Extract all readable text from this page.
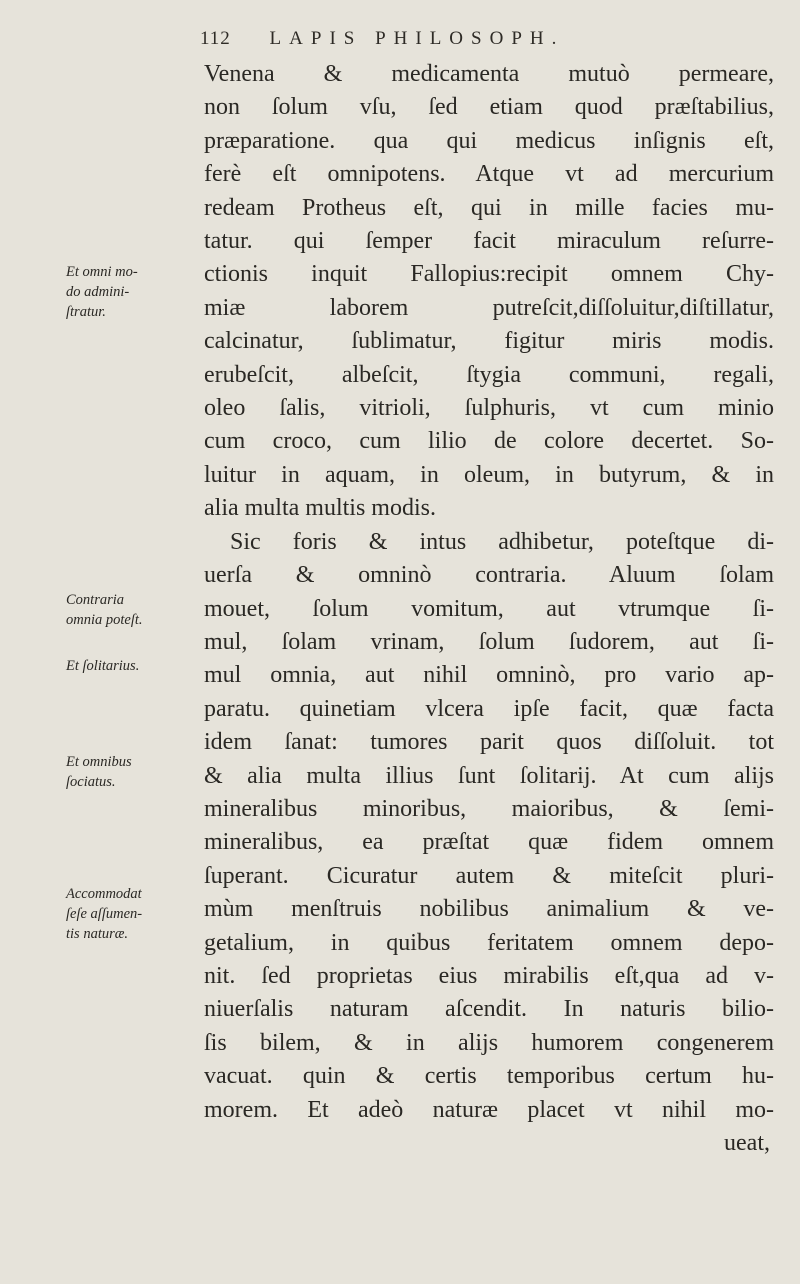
112 LAPIS PHILOSOPH.
Et omni mo-
do admini-
ſtratur.
Contraria
omnia poteſt.
Et ſolitarius.
Et omnibus
ſociatus.
Accommodat
ſeſe aſſumen-
tis naturæ.
Venena & medicamenta mutuò permeare,
non ſolum vſu, ſed etiam quod præſtabilius,
præparatione. qua qui medicus inſignis eſt,
ferè eſt omnipotens. Atque vt ad mercurium
redeam Protheus eſt, qui in mille facies mu-
tatur. qui ſemper facit miraculum reſurre-
ctionis inquit Fallopius:recipit omnem Chy-
miæ laborem putreſcit,diſſoluitur,diſtillatur,
calcinatur, ſublimatur, figitur miris modis.
erubeſcit, albeſcit, ſtygia communi, regali,
oleo ſalis, vitrioli, ſulphuris, vt cum minio
cum croco, cum lilio de colore decertet. So-
luitur in aquam, in oleum, in butyrum, & in
alia multa multis modis.
Sic foris & intus adhibetur, poteſtque di-
uerſa & omninò contraria. Aluum ſolam
mouet, ſolum vomitum, aut vtrumque ſi-
mul, ſolam vrinam, ſolum ſudorem, aut ſi-
mul omnia, aut nihil omninò, pro vario ap-
paratu. quinetiam vlcera ipſe facit, quæ facta
idem ſanat: tumores parit quos diſſoluit. tot
& alia multa illius ſunt ſolitarij. At cum alijs
mineralibus minoribus, maioribus, & ſemi-
mineralibus, ea præſtat quæ fidem omnem
ſuperant. Cicuratur autem & miteſcit pluri-
mùm menſtruis nobilibus animalium & ve-
getalium, in quibus feritatem omnem depo-
nit. ſed proprietas eius mirabilis eſt,qua ad v-
niuerſalis naturam aſcendit. In naturis bilio-
ſis bilem, & in alijs humorem congenerem
vacuat. quin & certis temporibus certum hu-
morem. Et adeò naturæ placet vt nihil mo-
ueat,
